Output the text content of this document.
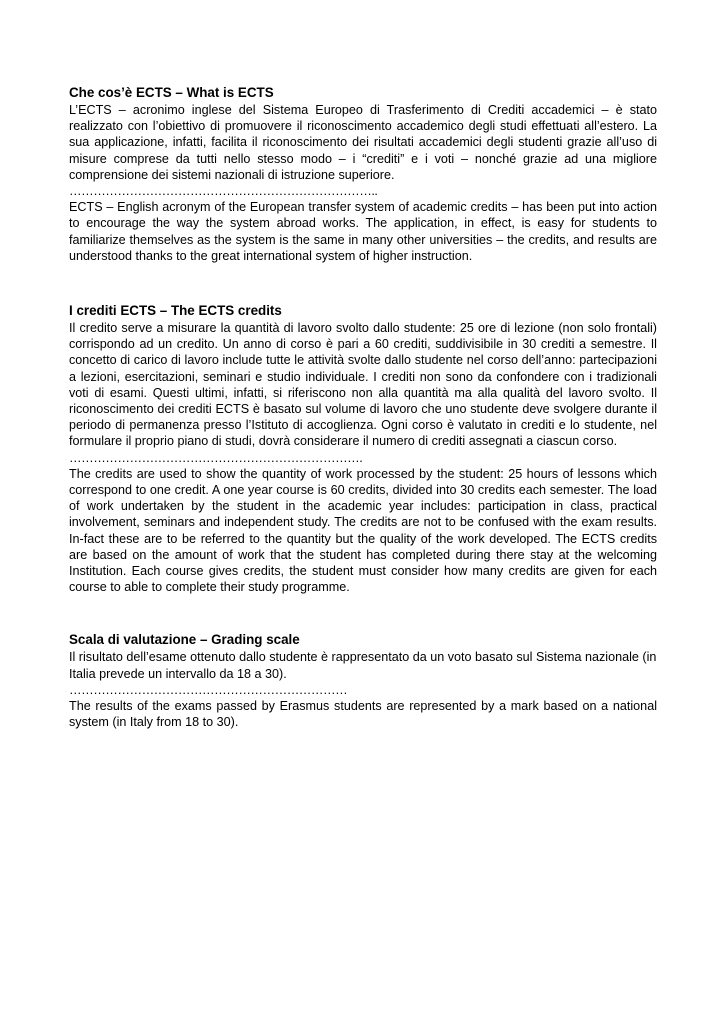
Che cos’è ECTS – What is ECTS

L’ECTS – acronimo inglese del Sistema Europeo di Trasferimento di Crediti accademici – è stato realizzato con l’obiettivo di promuovere il riconoscimento accademico degli studi effettuati all’estero. La sua applicazione, infatti, facilita il riconoscimento dei risultati accademici degli studenti grazie all’uso di misure comprese da tutti nello stesso modo – i “crediti” e i voti – nonché grazie ad una migliore comprensione dei sistemi nazionali di istruzione superiore.

…………………………………………………………………..

ECTS – English acronym of the European transfer system of academic credits – has been put into action to encourage the way the system abroad works. The application, in effect, is easy for students to familiarize themselves as the system is the same in many other universities – the credits, and results are understood thanks to the great international system of higher instruction.

I crediti ECTS – The ECTS credits

Il credito serve a misurare la quantità di lavoro svolto dallo studente: 25 ore di lezione (non solo frontali) corrispondo ad un credito. Un anno di corso è pari a 60 crediti, suddivisibile in 30 crediti a semestre. Il concetto di carico di lavoro include tutte le attività svolte dallo studente nel corso dell’anno: partecipazioni a lezioni, esercitazioni, seminari e studio individuale. I crediti non sono da confondere con i tradizionali voti di esami. Questi ultimi, infatti, si riferiscono non alla quantità ma alla qualità del lavoro svolto. Il riconoscimento dei crediti ECTS è basato sul volume di lavoro che uno studente deve svolgere durante il periodo di permanenza presso l’Istituto di accoglienza. Ogni corso è valutato in crediti e lo studente, nel formulare il proprio piano di studi, dovrà considerare il numero di crediti assegnati a ciascun corso.

……………………………………………………………….

The credits are used to show the quantity of work processed by the student: 25 hours of lessons which correspond to one credit. A one year course is 60 credits, divided into 30 credits each semester. The load of work undertaken by the student in the academic year includes: participation in class, practical involvement, seminars and independent study. The credits are not to be confused with the exam results. In-fact these are to be referred to the quantity but the quality of the work developed. The ECTS credits are based on the amount of work that the student has completed during there stay at the welcoming Institution. Each course gives credits, the student must consider how many credits are given for each course to able to complete their study programme.

Scala di valutazione – Grading scale

Il risultato dell’esame ottenuto dallo studente è rappresentato da un voto basato sul Sistema nazionale (in Italia prevede un intervallo da 18 a 30).

……………………………………………………………

The results of the exams passed by Erasmus students are represented by a mark based on a national system (in Italy from 18 to 30).
